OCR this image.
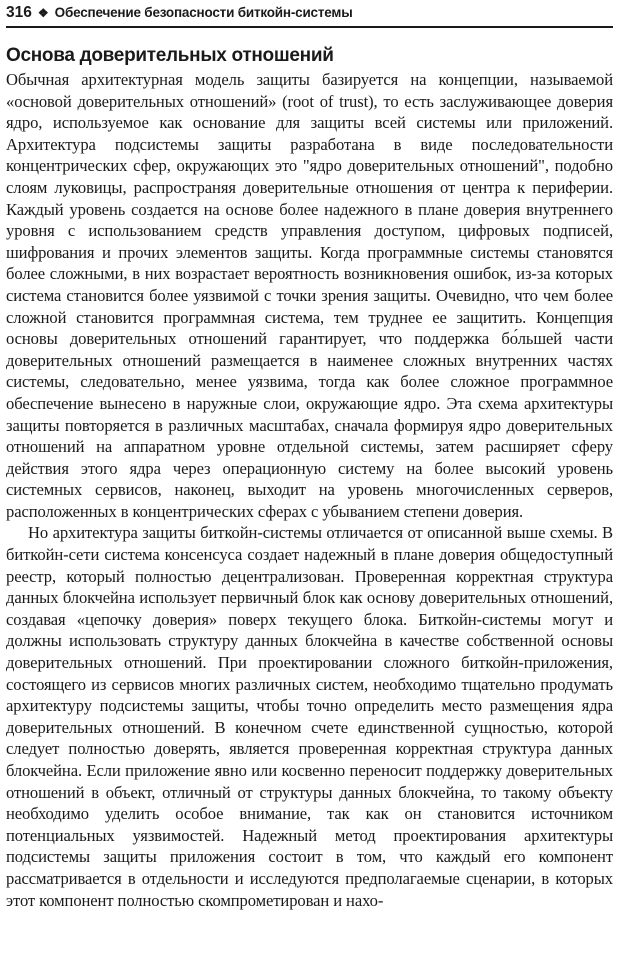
316 ❖ Обеспечение безопасности биткойн-системы
Основа доверительных отношений

Обычная архитектурная модель защиты базируется на концепции, называемой «основой доверительных отношений» (root of trust), то есть заслуживающее доверия ядро, используемое как основание для защиты всей системы или приложений. Архитектура подсистемы защиты разработана в виде последовательности концентрических сфер, окружающих это "ядро доверительных отношений", подобно слоям луковицы, распространяя доверительные отношения от центра к периферии. Каждый уровень создается на основе более надежного в плане доверия внутреннего уровня с использованием средств управления доступом, цифровых подписей, шифрования и прочих элементов защиты. Когда программные системы становятся более сложными, в них возрастает вероятность возникновения ошибок, из-за которых система становится более уязвимой с точки зрения защиты. Очевидно, что чем более сложной становится программная система, тем труднее ее защитить. Концепция основы доверительных отношений гарантирует, что поддержка бо́льшей части доверительных отношений размещается в наименее сложных внутренних частях системы, следовательно, менее уязвима, тогда как более сложное программное обеспечение вынесено в наружные слои, окружающие ядро. Эта схема архитектуры защиты повторяется в различных масштабах, сначала формируя ядро доверительных отношений на аппаратном уровне отдельной системы, затем расширяет сферу действия этого ядра через операционную систему на более высокий уровень системных сервисов, наконец, выходит на уровень многочисленных серверов, расположенных в концентрических сферах с убыванием степени доверия.

Но архитектура защиты биткойн-системы отличается от описанной выше схемы. В биткойн-сети система консенсуса создает надежный в плане доверия общедоступный реестр, который полностью децентрализован. Проверенная корректная структура данных блокчейна использует первичный блок как основу доверительных отношений, создавая «цепочку доверия» поверх текущего блока. Биткойн-системы могут и должны использовать структуру данных блокчейна в качестве собственной основы доверительных отношений. При проектировании сложного биткойн-приложения, состоящего из сервисов многих различных систем, необходимо тщательно продумать архитектуру подсистемы защиты, чтобы точно определить место размещения ядра доверительных отношений. В конечном счете единственной сущностью, которой следует полностью доверять, является проверенная корректная структура данных блокчейна. Если приложение явно или косвенно переносит поддержку доверительных отношений в объект, отличный от структуры данных блокчейна, то такому объекту необходимо уделить особое внимание, так как он становится источником потенциальных уязвимостей. Надежный метод проектирования архитектуры подсистемы защиты приложения состоит в том, что каждый его компонент рассматривается в отдельности и исследуются предполагаемые сценарии, в которых этот компонент полностью скомпрометирован и нахо-
